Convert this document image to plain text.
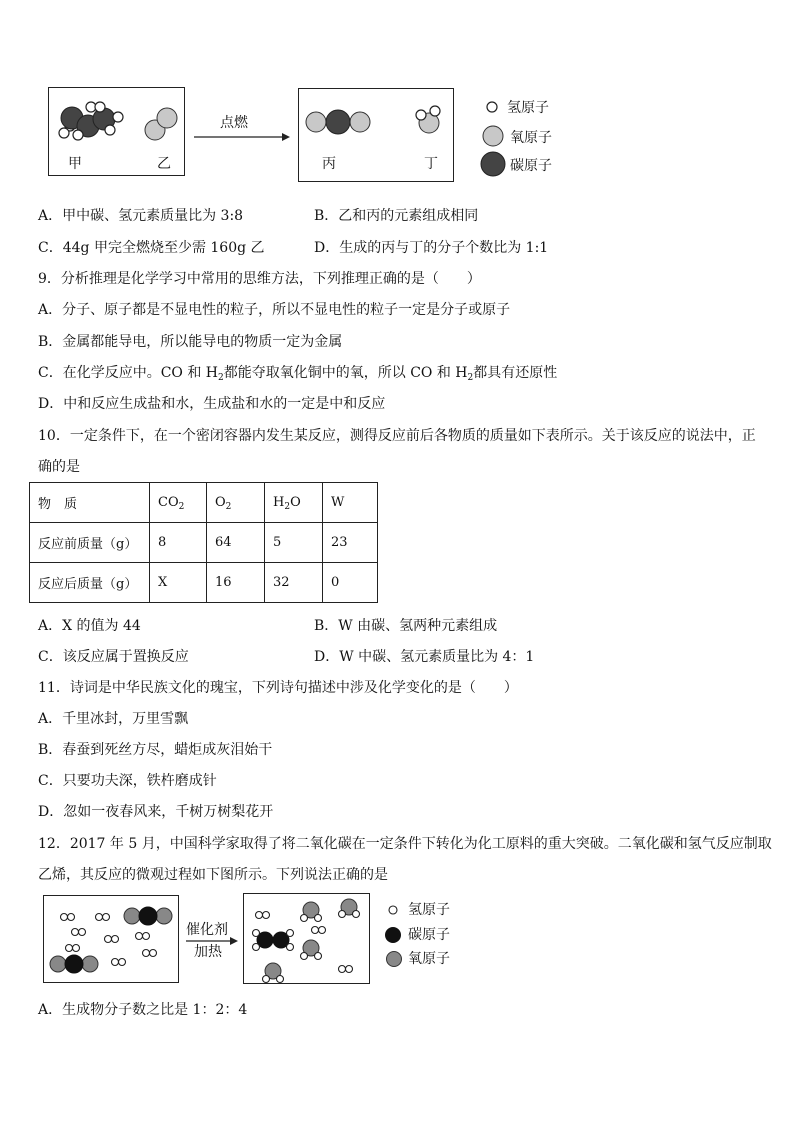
甲	乙
点燃
丙	丁
氢原子
氧原子
碳原子
A．甲中碳、氢元素质量比为 3:8	B．乙和丙的元素组成相同
C．44g 甲完全燃烧至少需 160g 乙	D．生成的丙与丁的分子个数比为 1:1
9．分析推理是化学学习中常用的思维方法，下列推理正确的是（　　）
A．分子、原子都是不显电性的粒子，所以不显电性的粒子一定是分子或原子
B．金属都能导电，所以能导电的物质一定为金属
C．在化学反应中。CO 和 $H_2$都能夺取氧化铜中的氧，所以 CO 和 $H_2$都具有还原性
D．中和反应生成盐和水，生成盐和水的一定是中和反应
10．一定条件下，在一个密闭容器内发生某反应，测得反应前后各物质的质量如下表所示。关于该反应的说法中，正
确的是
物　质	$CO_2$	$O_2$	$H_2O$	W
反应前质量（g）	8	64	5	23
反应后质量（g）	X	16	32	0
A．X 的值为 44	B．W 由碳、氢两种元素组成
C．该反应属于置换反应	D．W 中碳、氢元素质量比为 4：1
11．诗词是中华民族文化的瑰宝，下列诗句描述中涉及化学变化的是（　　）
A．千里冰封，万里雪飘
B．春蚕到死丝方尽，蜡炬成灰泪始干
C．只要功夫深，铁杵磨成针
D．忽如一夜春风来，千树万树梨花开
12．2017 年 5 月，中国科学家取得了将二氧化碳在一定条件下转化为化工原料的重大突破。二氧化碳和氢气反应制取
乙烯，其反应的微观过程如下图所示。下列说法正确的是
催化剂
加热
氢原子
碳原子
氧原子
A．生成物分子数之比是 1：2：4
